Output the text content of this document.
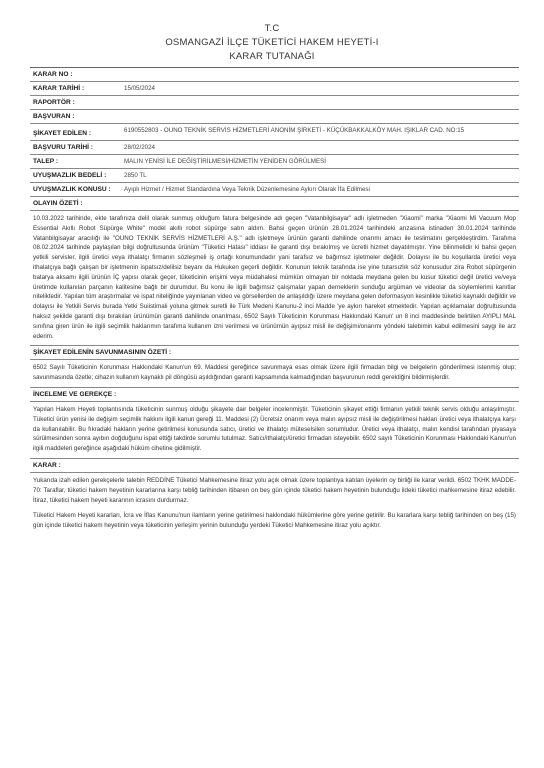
T.C
OSMANGAZİ İLÇE TÜKETİCİ HAKEM HEYETİ-I
KARAR TUTANAĞI
KARAR NO :
KARAR TARİHİ :	15/05/2024
RAPORTÖR :
BAŞVURAN :
ŞİKAYET EDİLEN :	6190552803 - OUNO TEKNİK SERVİS HİZMETLERİ ANONİM ŞİRKETİ - KÜÇÜKBAKKALKÖY MAH. IŞIKLAR CAD. NO:15
BAŞVURU TARİHİ :	28/02/2024
TALEP :	MALIN YENİSİ İLE DEĞİŞTİRİLMESİ/HİZMETİN YENİDEN GÖRÜLMESİ
UYUŞMAZLIK BEDELİ :	2850 TL
UYUŞMAZLIK KONUSU :	Ayıplı Hizmet / Hizmet Standardına Veya Teknik Düzenlemesine Aykırı Olarak İfa Edilmesi
OLAYIN ÖZETİ :

10.03.2022 tarihinde, ekte tarafınıza delil olarak sunmuş olduğum fatura belgesinde adı geçen "Vatanbilgisayar" adlı işletmeden "Xiaomi" marka "Xiaomi Mi Vacuum Mop Essential Akıllı Robot Süpürge White" model akıllı robot süpürge satın aldım. Bahsi geçen ürünün 28.01.2024 tarihindeki arızasına istinaden 30.01.2024 tarihinde Vatanbilgisayar aracılığı ile "OUNO TEKNİK SERVİS HİZMETLERİ A.Ş." adlı işletmeye ürünün garanti dahilinde onarımı amacı ile teslimatını gerçekleştirdim. Tarafıma 08.02.2024 tarihinde paylaşılan bilgi doğrultusunda ürünüm "Tüketici Hatası" iddiası ile garanti dışı bırakılmış ve ücretli hizmet dayatılmıştır. Yine bilinmelidir ki bahsi geçen yetkili servisler, ilgili üretici veya ithalatçı firmanın sözleşmeli iş ortağı konumundadır yani tarafsız ve bağımsız işletmeler değildir. Dolayısı ile bu koşullarda üretici veya ithalatçıya bağlı çalışan bir işletmenin ispatsız/delilsiz beyanı da Hukuken geçerli değildir. Konunun teknik tarafında ise yine tutarsızlık söz konusudur zira Robot süpürgenin batarya aksamı ilgili ürünün İÇ yapısı olarak geçer, tüketicinin erişimi veya müdahalesi mümkün olmayan bir noktada meydana gelen bu kusur tüketici değil üretici ve/veya üretimde kullanılan parçanın kalitesine bağlı bir durumdur. Bu konu ile ilgili bağımsız çalışmalar yapan derneklerin sunduğu argüman ve videolar da söylemlerimi kanıtlar niteliktedir. Yapılan tüm araştırmalar ve ispat niteliğinde yayınlanan video ve görsellerden de anlaşıldığı üzere meydana gelen deformasyon kesinlikle tüketici kaynaklı değildir ve dolayısı ile Yetkili Servis burada Yetki Suiistimali yoluna gitmek suretli ile Türk Medeni Kanunu-2 inci Madde 'ye aykırı hareket etmektedir. Yapılan açıklamalar doğrultusunda haksız şekilde garanti dışı bırakılan ürünümün garanti dahilinde onarılması, 6502 Sayılı Tüketicinin Korunması Hakkındaki Kanun' un 8 inci maddesinde belirtilen AYIPLI MAL sınıfına giren ürün ile ilgili seçimlik haklarımın tarafıma kullanım izni verilmesi ve ürünümün ayıpsız misli ile değişimi/onarımı yöndeki talebimin kabul edilmesini saygı ile arz ederim.

ŞİKAYET EDİLENİN SAVUNMASININ ÖZETİ :

6502 Sayılı Tüketicinin Korunması Hakkındaki Kanun'un 69. Maddesi gereğince savunmaya esas olmak üzere ilgili firmadan bilgi ve belgelerin gönderilmesi istenmiş olup; savunmasında özetle; cihazın kullanım kaynaklı pil döngüsü aşıldığından garanti kapsamında kalmadığından başvurunun reddi gerektiğini bildirmişlerdir.

İNCELEME VE GEREKÇE :

Yapılan Hakem Heyeti toplantısında tüketicinin sunmuş olduğu şikayete dair belgeler incelenmiştir. Tüketicinin şikayet ettiği firmanın yetkili teknik servis olduğu anlaşılmıştır. Tüketici ürün yenisi ile değişim seçimlik hakkını ilgili kanun gereği 11. Maddesi (2) Ücretsiz onarım veya malın ayıpsız misli ile değiştirilmesi hakları üretici veya ithalatçıya karşı da kullanılabilir. Bu fıkradaki hakların yerine getirilmesi konusunda satıcı, üretici ve ithalatçı müteselsilen sorumludur. Üretici veya ithalatçı, malın kendisi tarafından piyasaya sürülmesinden sonra ayıbın doğduğunu ispat ettiği takdirde sorumlu tutulmaz. Satıcı/ithalatçı/üretici firmadan isteyebilir. 6502 sayılı Tüketicinin Korunması Hakkındaki Kanun'un ilgili maddeleri gereğince aşağıdaki hüküm cihetine gidilmiştir.

KARAR :

Yukarıda izah edilen gerekçelerle talebin REDDİNE Tüketici Mahkemesine itiraz yolu açık olmak üzere toplantıya katılan üyelerin oy birliği ile karar verildi. 6502 TKHK MADDE-70: Taraflar, tüketici hakem heyetinin kararlarına karşı tebliğ tarihinden itibaren on beş gün içinde tüketici hakem heyetinin bulunduğu ildeki tüketici mahkemesine itiraz edebilir. İtiraz, tüketici hakem heyeti kararının icrasını durdurmaz.

Tüketici Hakem Heyeti kararları, İcra ve İflas Kanunu'nun ilamların yerine getirilmesi hakkındaki hükümlerine göre yerine getirilir. Bu kararlara karşı tebliğ tarihinden on beş (15) gün içinde tüketici hakem heyetinin veya tüketicinin yerleşim yerinin bulunduğu yerdeki Tüketici Mahkemesine itiraz yolu açıktır.
